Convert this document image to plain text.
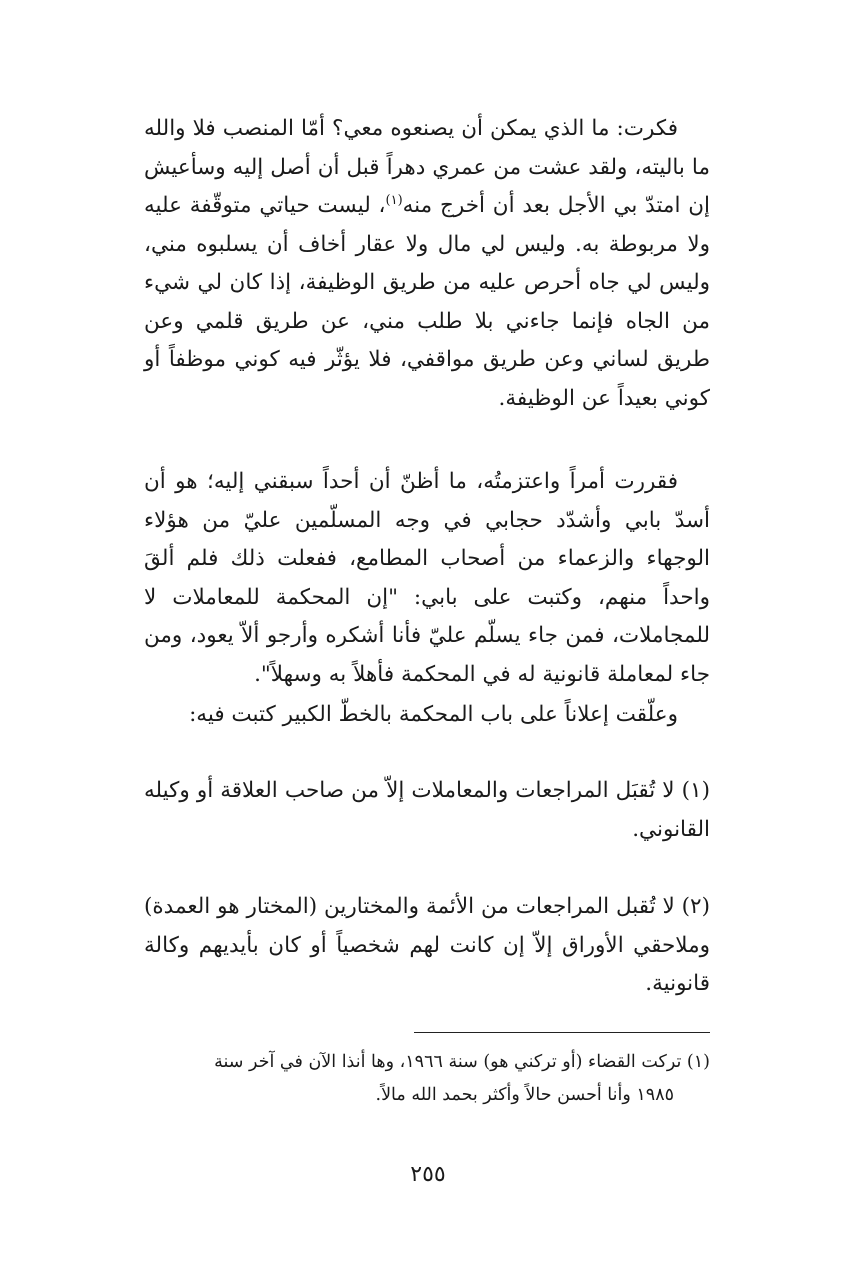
فكرت: ما الذي يمكن أن يصنعوه معي؟ أمّا المنصب فلا والله ما باليته، ولقد عشت من عمري دهراً قبل أن أصل إليه وسأعيش إن امتدّ بي الأجل بعد أن أخرج منه$^{(١)}$، ليست حياتي متوقّفة عليه ولا مربوطة به. وليس لي مال ولا عقار أخاف أن يسلبوه مني، وليس لي جاه أحرص عليه من طريق الوظيفة، إذا كان لي شيء من الجاه فإنما جاءني بلا طلب مني، عن طريق قلمي وعن طريق لساني وعن طريق مواقفي، فلا يؤثّر فيه كوني موظفاً أو كوني بعيداً عن الوظيفة.

فقررت أمراً واعتزمتُه، ما أظنّ أن أحداً سبقني إليه؛ هو أن أسدّ بابي وأشدّد حجابي في وجه المسلّمين عليّ من هؤلاء الوجهاء والزعماء من أصحاب المطامع، ففعلت ذلك فلم ألقَ واحداً منهم، وكتبت على بابي: "إن المحكمة للمعاملات لا للمجاملات، فمن جاء يسلّم عليّ فأنا أشكره وأرجو ألاّ يعود، ومن جاء لمعاملة قانونية له في المحكمة فأهلاً به وسهلاً".

وعلّقت إعلاناً على باب المحكمة بالخطّ الكبير كتبت فيه:

(١) لا تُقبَل المراجعات والمعاملات إلاّ من صاحب العلاقة أو وكيله القانوني.

(٢) لا تُقبل المراجعات من الأئمة والمختارين (المختار هو العمدة) وملاحقي الأوراق إلاّ إن كانت لهم شخصياً أو كان بأيديهم وكالة قانونية.

(١) تركت القضاء (أو تركني هو) سنة ١٩٦٦، وها أنذا الآن في آخر سنة

١٩٨٥ وأنا أحسن حالاً وأكثر بحمد الله مالاً.

٢٥٥
